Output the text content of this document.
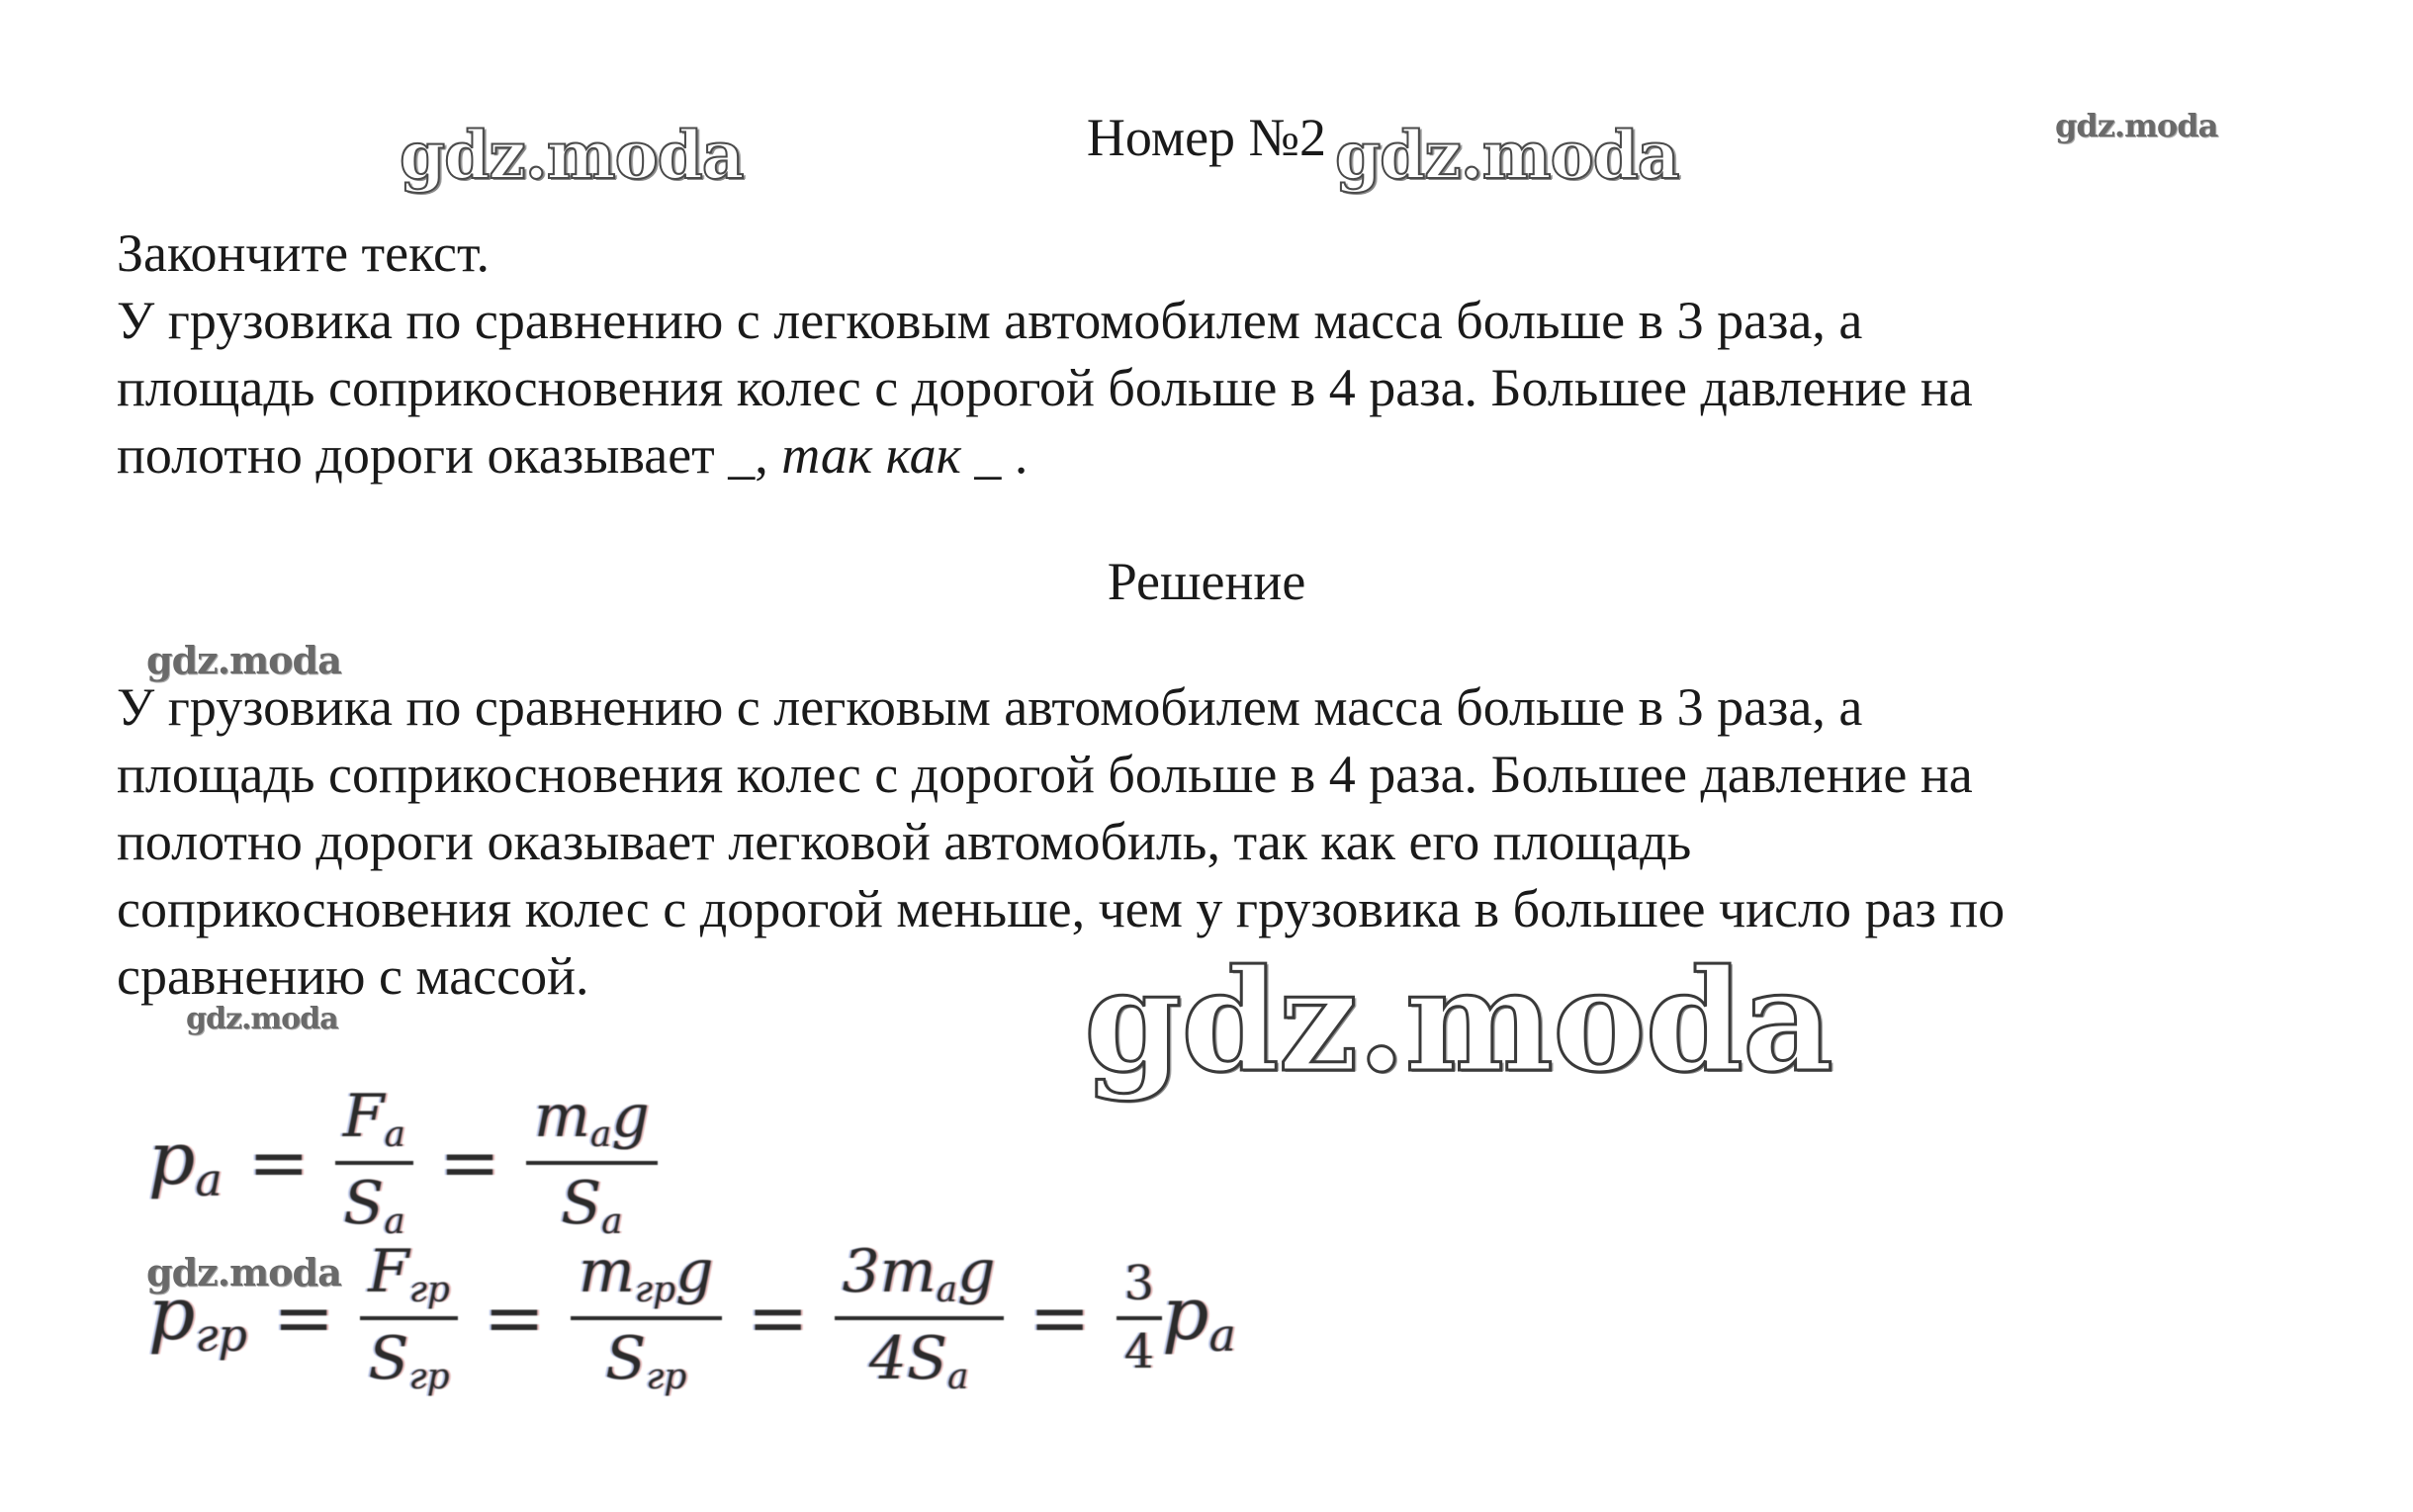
gdz.moda	gdz.moda	gdz.moda
gdz.moda
gdz.moda	gdz.moda
gdz.moda
Номер №2

Закончите текст.
У грузовика по сравнению с легковым автомобилем масса больше в 3 раза, а
площадь соприкосновения колес с дорогой больше в 4 раза. Большее давление на
полотно дороги оказывает _, так как _ .

Решение

У грузовика по сравнению с легковым автомобилем масса больше в 3 раза, а
площадь соприкосновения колес с дорогой больше в 4 раза. Большее давление на
полотно дороги оказывает легковой автомобиль, так как его площадь
соприкосновения колес с дорогой меньше, чем у грузовика в большее число раз по
сравнению с массой.

$p_a = \frac{F_a}{S_a} = \frac{m_ag}{S_a}$
$p_{гр} = \frac{F_{гр}}{S_{гр}} = \frac{m_{гр}g}{S_{гр}} = \frac{3m_ag}{4S_a} = \frac{3}{4} p_a$
